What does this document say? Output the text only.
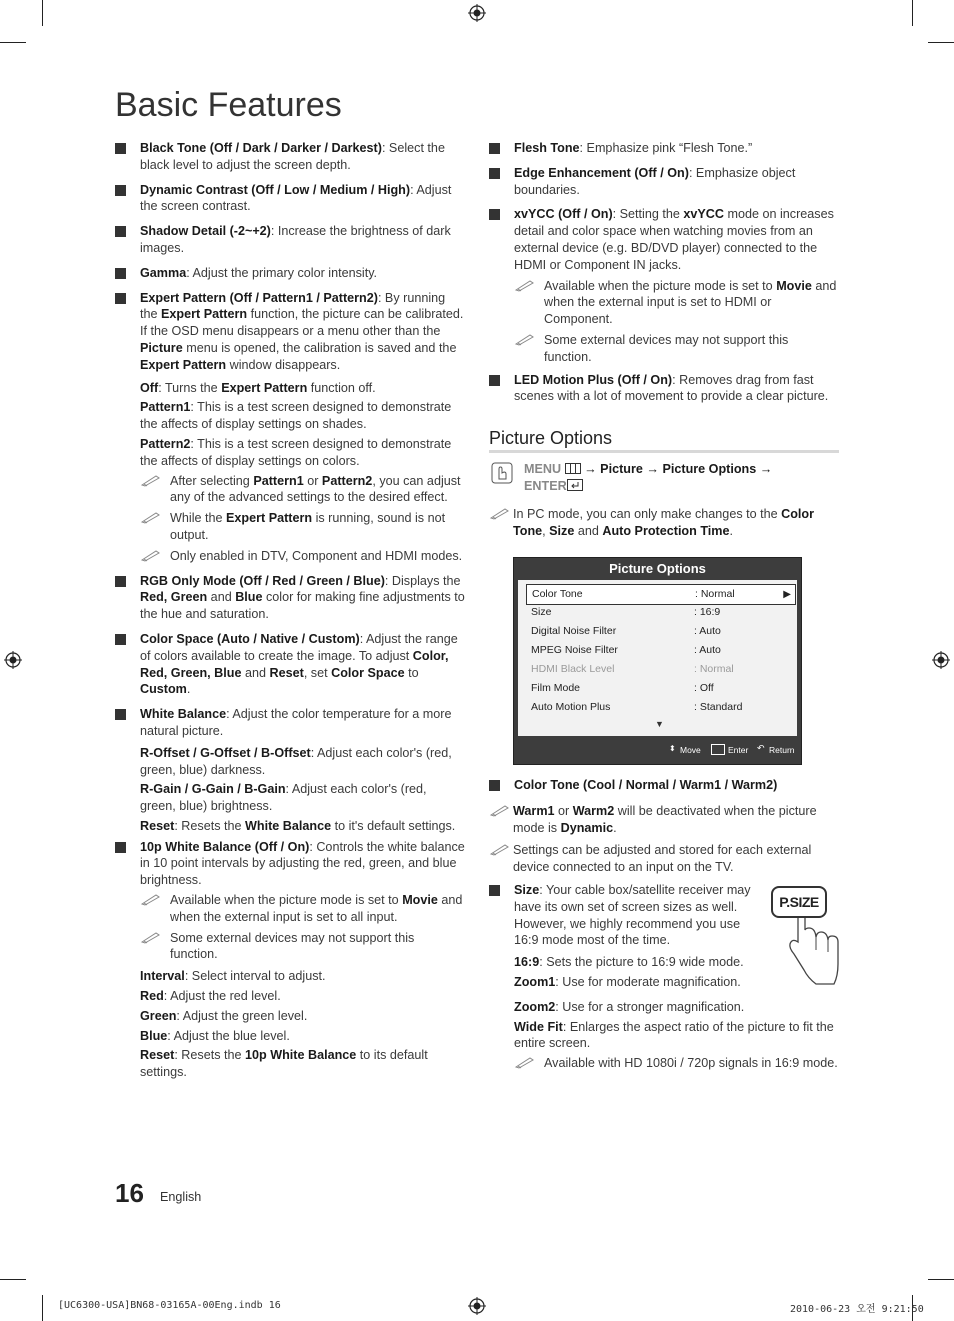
Basic Features

Black Tone (Off / Dark / Darker / Darkest): Select the black level to adjust the screen depth.

Dynamic Contrast (Off / Low / Medium / High): Adjust the screen contrast.

Shadow Detail (-2~+2): Increase the brightness of dark images.

Gamma: Adjust the primary color intensity.

Expert Pattern (Off / Pattern1 / Pattern2): By running the Expert Pattern function, the picture can be calibrated. If the OSD menu disappears or a menu other than the Picture menu is opened, the calibration is saved and the Expert Pattern window disappears.

Off: Turns the Expert Pattern function off.

Pattern1: This is a test screen designed to demonstrate the affects of display settings on shades.

Pattern2: This is a test screen designed to demonstrate the affects of display settings on colors.

After selecting Pattern1 or Pattern2, you can adjust any of the advanced settings to the desired effect.

While the Expert Pattern is running, sound is not output.

Only enabled in DTV, Component and HDMI modes.

RGB Only Mode (Off / Red / Green / Blue): Displays the Red, Green and Blue color for making fine adjustments to the hue and saturation.

Color Space (Auto / Native / Custom): Adjust the range of colors available to create the image. To adjust Color, Red, Green, Blue and Reset, set Color Space to Custom.

White Balance: Adjust the color temperature for a more natural picture.

R-Offset / G-Offset / B-Offset: Adjust each color's (red, green, blue) darkness.

R-Gain / G-Gain / B-Gain: Adjust each color's (red, green, blue) brightness.

Reset: Resets the White Balance to it's default settings.

10p White Balance (Off / On): Controls the white balance in 10 point intervals by adjusting the red, green, and blue brightness.

Available when the picture mode is set to Movie and when the external input is set to all input.

Some external devices may not support this function.

Interval: Select interval to adjust.

Red: Adjust the red level.

Green: Adjust the green level.

Blue: Adjust the blue level.

Reset: Resets the 10p White Balance to its default settings.

Flesh Tone: Emphasize pink “Flesh Tone.”

Edge Enhancement (Off / On): Emphasize object boundaries.

xvYCC (Off / On): Setting the xvYCC mode on increases detail and color space when watching movies from an external device (e.g. BD/DVD player) connected to the HDMI or Component IN jacks.

Available when the picture mode is set to Movie and when the external input is set to HDMI or Component.

Some external devices may not support this function.

LED Motion Plus (Off / On): Removes drag from fast scenes with a lot of movement to provide a clear picture.

Picture Options

MENU  → Picture → Picture Options →

ENTER

In PC mode, you can only make changes to the Color Tone, Size and Auto Protection Time.

Picture Options
Color Tone	: Normal	▶
Size	: 16:9
Digital Noise Filter	: Auto
MPEG Noise Filter	: Auto
HDMI Black Level	: Normal
Film Mode	: Off
Auto Motion Plus	: Standard
▼
⬍ Move	Enter ↶ Return

Color Tone (Cool / Normal / Warm1 / Warm2)

Warm1 or Warm2 will be deactivated when the picture mode is Dynamic.

Settings can be adjusted and stored for each external device connected to an input on the TV.

Size: Your cable box/satellite receiver may have its own set of screen sizes as well. However, we highly recommend you use 16:9 mode most of the time.

16:9: Sets the picture to 16:9 wide mode.

Zoom1: Use for moderate magnification.

Zoom2: Use for a stronger magnification.

Wide Fit: Enlarges the aspect ratio of the picture to fit the entire screen.

Available with HD 1080i / 720p signals in 16:9 mode.

P.SIZE
16 English
[UC6300-USA]BN68-03165A-00Eng.indb 16	2010-06-23 오전 9:21:50
